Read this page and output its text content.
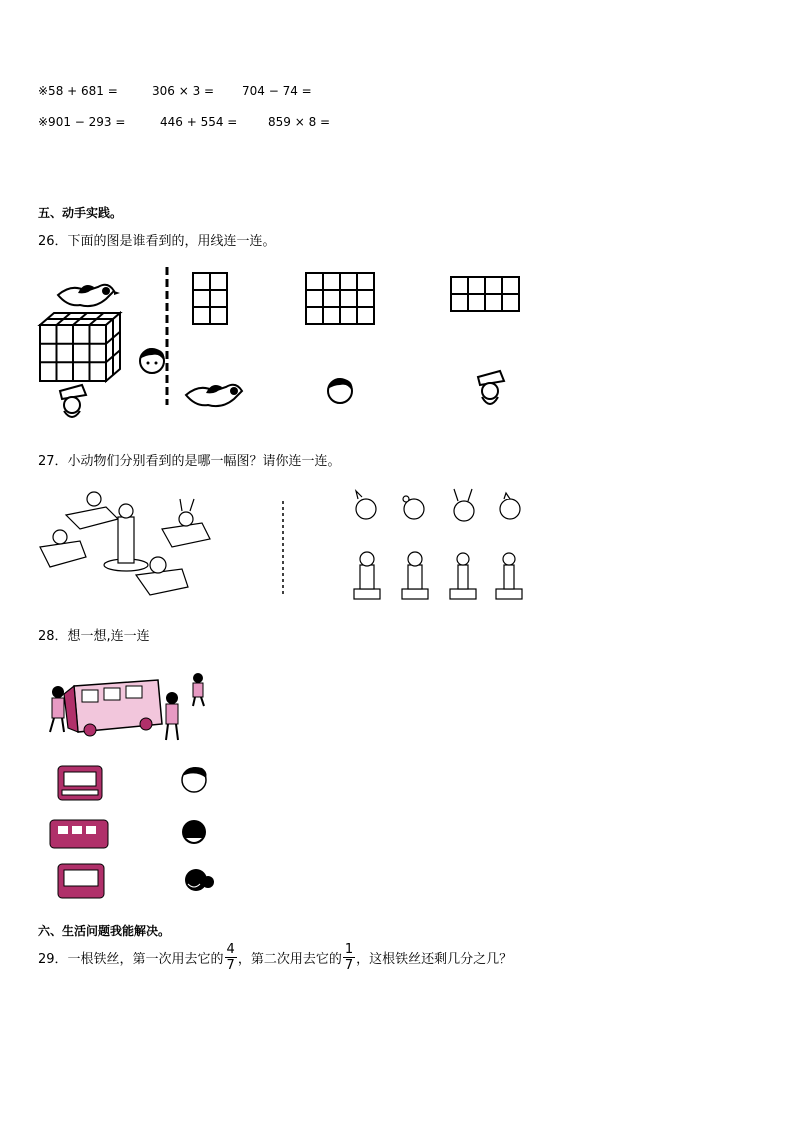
※58 + 681 =	306 × 3 = 704 − 74 =
※901 − 293 =	446 + 554 =	859 × 8 =
五、动手实践。
26．下面的图是谁看到的，用线连一连。
27．小动物们分别看到的是哪一幅图？请你连一连。
28．想一想,连一连
六、生活问题我能解决。
29．一根铁丝，第一次用去它的 $\frac{4}{7}$ ，第二次用去它的 $\frac{1}{7}$ ，这根铁丝还剩几分之几？
